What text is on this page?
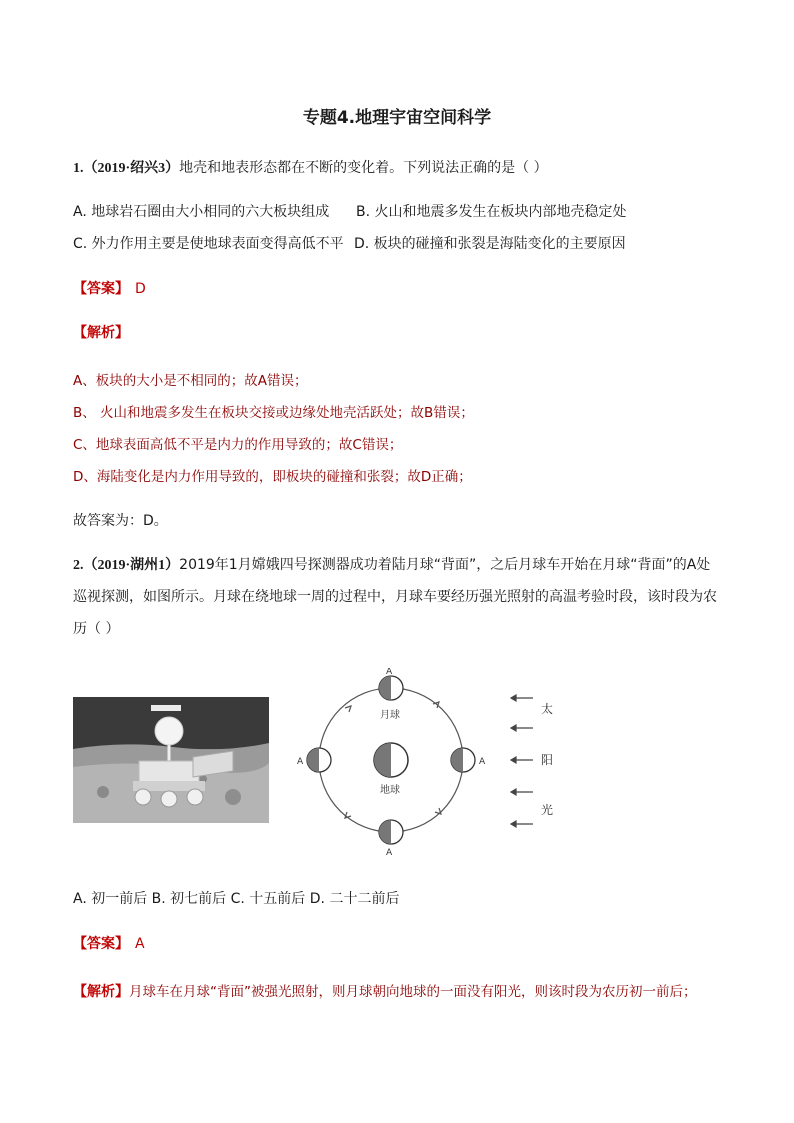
专题4.地理宇宙空间科学
1.（2019·绍兴3）地壳和地表形态都在不断的变化着。下列说法正确的是（ ）
A. 地球岩石圈由大小相同的六大板块组成 B. 火山和地震多发生在板块内部地壳稳定处
C. 外力作用主要是使地球表面变得高低不平 D. 板块的碰撞和张裂是海陆变化的主要原因
【答案】 D
【解析】
A、板块的大小是不相同的；故A错误；
B、 火山和地震多发生在板块交接或边缘处地壳活跃处；故B错误；
C、地球表面高低不平是内力的作用导致的；故C错误；
D、海陆变化是内力作用导致的，即板块的碰撞和张裂；故D正确；
故答案为：D。
2.（2019·湖州1）2019年1月嫦娥四号探测器成功着陆月球“背面”，之后月球车开始在月球“背面”的A处
巡视探测，如图所示。月球在绕地球一周的过程中，月球车要经历强光照射的高温考验时段，该时段为农
历（ ）
地球
A
月球
A	A
A
太
阳
光
A. 初一前后 B. 初七前后 C. 十五前后 D. 二十二前后
【答案】 A
【解析】月球车在月球“背面”被强光照射，则月球朝向地球的一面没有阳光，则该时段为农历初一前后；
